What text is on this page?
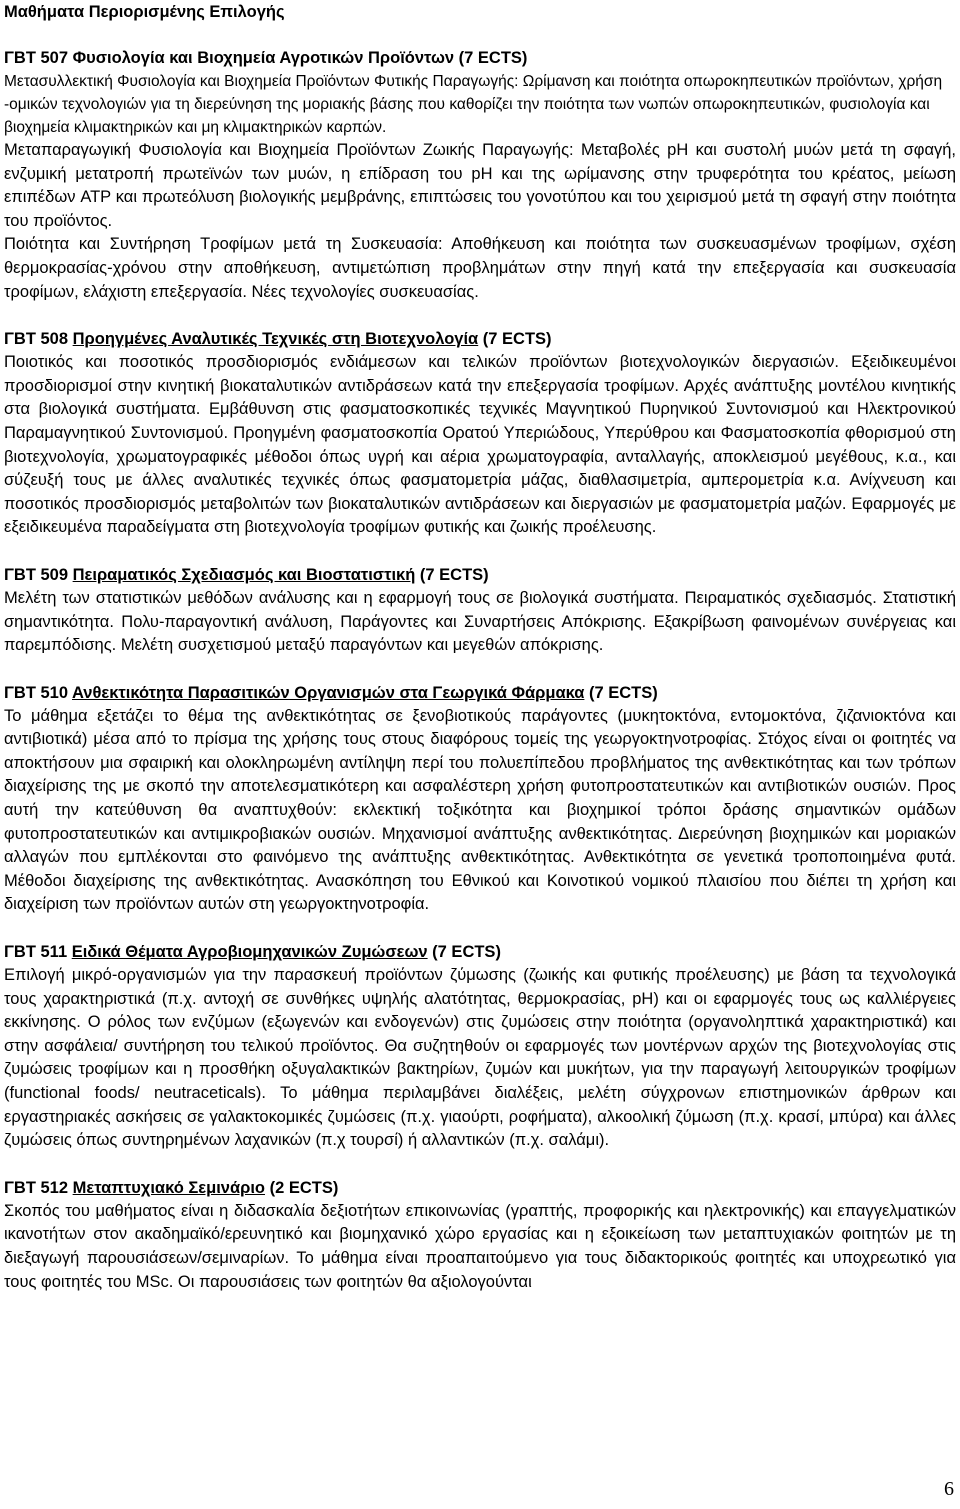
Μαθήματα Περιορισμένης Επιλογής
ΓΒΤ 507 Φυσιολογία και Βιοχημεία Αγροτικών Προϊόντων (7 ECTS)

Μετασυλλεκτική Φυσιολογία και Βιοχημεία Προϊόντων Φυτικής Παραγωγής: Ωρίμανση και ποιότητα οπωροκηπευτικών προϊόντων, χρήση -ομικών τεχνολογιών για τη διερεύνηση της μοριακής βάσης που καθορίζει την ποιότητα των νωπών οπωροκηπευτικών, φυσιολογία και βιοχημεία κλιμακτηρικών και μη κλιμακτηρικών καρπών.

Μεταπαραγωγική Φυσιολογία και Βιοχημεία Προϊόντων Ζωικής Παραγωγής: Μεταβολές pH και συστολή μυών μετά τη σφαγή, ενζυμική μετατροπή πρωτεϊνών των μυών, η επίδραση του pH και της ωρίμανσης στην τρυφερότητα του κρέατος, μείωση επιπέδων ATP και πρωτεόλυση βιολογικής μεμβράνης, επιπτώσεις του γονοτύπου και του χειρισμού μετά τη σφαγή στην ποιότητα του προϊόντος.

Ποιότητα και Συντήρηση Τροφίμων μετά τη Συσκευασία: Αποθήκευση και ποιότητα των συσκευασμένων τροφίμων, σχέση θερμοκρασίας-χρόνου στην αποθήκευση, αντιμετώπιση προβλημάτων στην πηγή κατά την επεξεργασία και συσκευασία τροφίμων, ελάχιστη επεξεργασία. Νέες τεχνολογίες συσκευασίας.

ΓΒΤ 508 Προηγμένες Αναλυτικές Τεχνικές στη Βιοτεχνολογία (7 ECTS)

Ποιοτικός και ποσοτικός προσδιορισμός ενδιάμεσων και τελικών προϊόντων βιοτεχνολογικών διεργασιών. Εξειδικευμένοι προσδιορισμοί στην κινητική βιοκαταλυτικών αντιδράσεων κατά την επεξεργασία τροφίμων. Αρχές ανάπτυξης μοντέλου κινητικής στα βιολογικά συστήματα. Εμβάθυνση στις φασματοσκοπικές τεχνικές Μαγνητικού Πυρηνικού Συντονισμού και Ηλεκτρονικού Παραμαγνητικού Συντονισμού. Προηγμένη φασματοσκοπία Ορατού Υπεριώδους, Υπερύθρου και Φασματοσκοπία φθορισμού στη βιοτεχνολογία, χρωματογραφικές μέθοδοι όπως υγρή και αέρια χρωματογραφία, ανταλλαγής, αποκλεισμού μεγέθους, κ.α., και σύζευξή τους με άλλες αναλυτικές τεχνικές όπως φασματομετρία μάζας, διαθλασιμετρία, αμπερομετρία κ.α. Ανίχνευση και ποσοτικός προσδιορισμός μεταβολιτών των βιοκαταλυτικών αντιδράσεων και διεργασιών με φασματομετρία μαζών. Εφαρμογές με εξειδικευμένα παραδείγματα στη βιοτεχνολογία τροφίμων φυτικής και ζωικής προέλευσης.

ΓΒΤ 509 Πειραματικός Σχεδιασμός και Βιοστατιστική (7 ECTS)

Μελέτη των στατιστικών μεθόδων ανάλυσης και η εφαρμογή τους σε βιολογικά συστήματα. Πειραματικός σχεδιασμός. Στατιστική σημαντικότητα. Πολυ-παραγοντική ανάλυση, Παράγοντες και Συναρτήσεις Απόκρισης. Εξακρίβωση φαινομένων συνέργειας και παρεμπόδισης. Μελέτη συσχετισμού μεταξύ παραγόντων και μεγεθών απόκρισης.

ΓΒΤ 510 Ανθεκτικότητα Παρασιτικών Οργανισμών στα Γεωργικά Φάρμακα (7 ECTS)

Το μάθημα εξετάζει το θέμα της ανθεκτικότητας σε ξενοβιοτικούς παράγοντες (μυκητοκτόνα, εντομοκτόνα, ζιζανιοκτόνα και αντιβιοτικά) μέσα από το πρίσμα της χρήσης τους στους διαφόρους τομείς της γεωργοκτηνοτροφίας. Στόχος είναι οι φοιτητές να αποκτήσουν μια σφαιρική και ολοκληρωμένη αντίληψη περί του πολυεπίπεδου προβλήματος της ανθεκτικότητας και των τρόπων διαχείρισης της με σκοπό την αποτελεσματικότερη και ασφαλέστερη χρήση φυτοπροστατευτικών και αντιβιοτικών ουσιών. Προς αυτή την κατεύθυνση θα αναπτυχθούν: εκλεκτική τοξικότητα και βιοχημικοί τρόποι δράσης σημαντικών ομάδων φυτοπροστατευτικών και αντιμικροβιακών ουσιών. Μηχανισμοί ανάπτυξης ανθεκτικότητας. Διερεύνηση βιοχημικών και μοριακών αλλαγών που εμπλέκονται στο φαινόμενο της ανάπτυξης ανθεκτικότητας. Ανθεκτικότητα σε γενετικά τροποποιημένα φυτά. Μέθοδοι διαχείρισης της ανθεκτικότητας. Ανασκόπηση του Εθνικού και Κοινοτικού νομικού πλαισίου που διέπει τη χρήση και διαχείριση των προϊόντων αυτών στη γεωργοκτηνοτροφία.

ΓΒΤ 511 Ειδικά Θέματα Αγροβιομηχανικών Ζυμώσεων (7 ECTS)

Επιλογή μικρό-οργανισμών για την παρασκευή προϊόντων ζύμωσης (ζωικής και φυτικής προέλευσης) με βάση τα τεχνολογικά τους χαρακτηριστικά (π.χ. αντοχή σε συνθήκες υψηλής αλατότητας, θερμοκρασίας, pH) και οι εφαρμογές τους ως καλλιέργειες εκκίνησης. Ο ρόλος των ενζύμων (εξωγενών και ενδογενών) στις ζυμώσεις στην ποιότητα (οργανοληπτικά χαρακτηριστικά) και στην ασφάλεια/ συντήρηση του τελικού προϊόντος. Θα συζητηθούν οι εφαρμογές των μοντέρνων αρχών της βιοτεχνολογίας στις ζυμώσεις τροφίμων και η προσθήκη οξυγαλακτικών βακτηρίων, ζυμών και μυκήτων, για την παραγωγή λειτουργικών τροφίμων (functional foods/ neutraceticals). Το μάθημα περιλαμβάνει διαλέξεις, μελέτη σύγχρονων επιστημονικών άρθρων και εργαστηριακές ασκήσεις σε γαλακτοκομικές ζυμώσεις (π.χ. γιαούρτι, ροφήματα), αλκοολική ζύμωση (π.χ. κρασί, μπύρα) και άλλες ζυμώσεις όπως συντηρημένων λαχανικών (π.χ τουρσί) ή αλλαντικών (π.χ. σαλάμι).

ΓΒΤ 512 Μεταπτυχιακό Σεμινάριο (2 ECTS)

Σκοπός του μαθήματος είναι η διδασκαλία δεξιοτήτων επικοινωνίας (γραπτής, προφορικής και ηλεκτρονικής) και επαγγελματικών ικανοτήτων στον ακαδημαϊκό/ερευνητικό και βιομηχανικό χώρο εργασίας και η εξοικείωση των μεταπτυχιακών φοιτητών με τη διεξαγωγή παρουσιάσεων/σεμιναρίων. Το μάθημα είναι προαπαιτούμενο για τους διδακτορικούς φοιτητές και υποχρεωτικό για τους φοιτητές του MSc. Οι παρουσιάσεις των φοιτητών θα αξιολογούνται

6
